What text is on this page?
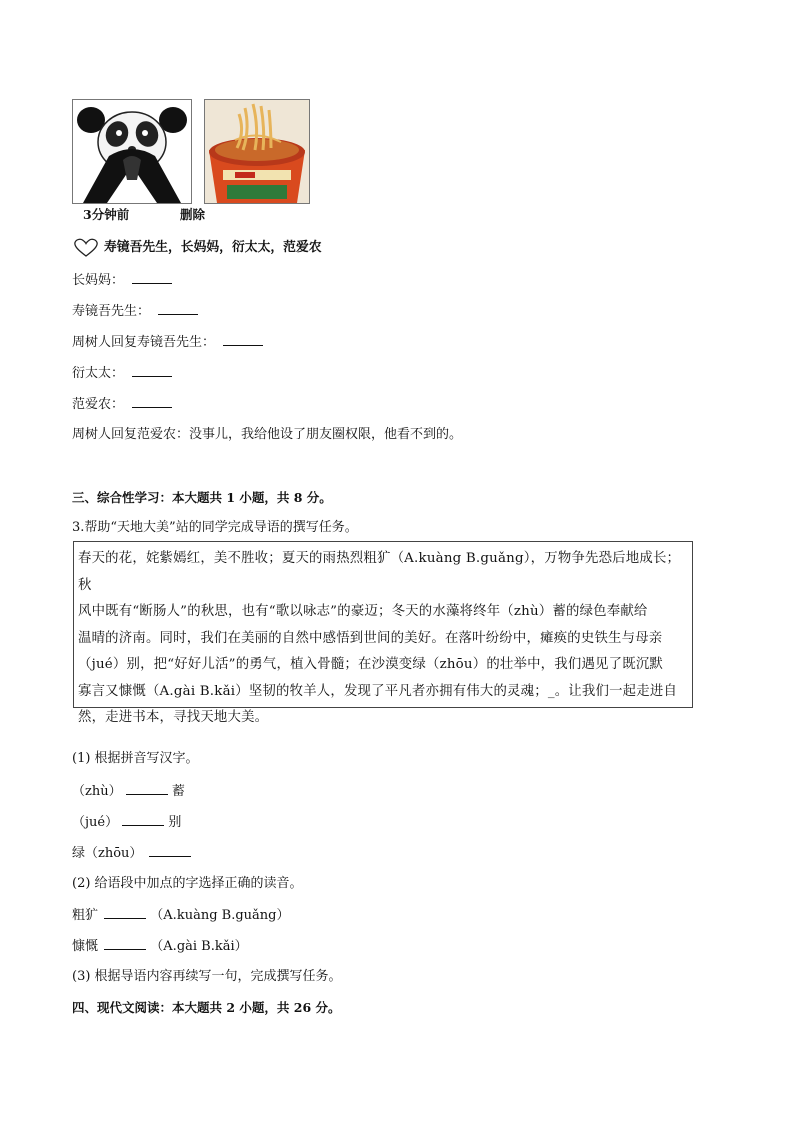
3分钟前	删除
寿镜吾先生，长妈妈，衍太太，范爱农
长妈妈：
寿镜吾先生：
周树人回复寿镜吾先生：
衍太太：
范爱农：
周树人回复范爱农：没事儿，我给他设了朋友圈权限，他看不到的。
三、综合性学习：本大题共 1 小题，共 8 分。
3.帮助“天地大美”站的同学完成导语的撰写任务。
春天的花，姹紫嫣红，美不胜收；夏天的雨热烈粗犷（A.kuàng B.guǎng），万物争先恐后地成长；秋
风中既有“断肠人”的秋思，也有“歌以咏志”的豪迈；冬天的水藻将终年（zhù）蓄的绿色奉献给
温晴的济南。同时，我们在美丽的自然中感悟到世间的美好。在落叶纷纷中，瘫痪的史铁生与母亲
（jué）别，把“好好儿活”的勇气，植入骨髓；在沙漠变绿（zhōu）的壮举中，我们遇见了既沉默
寡言又慷慨（A.gài B.kǎi）坚韧的牧羊人，发现了平凡者亦拥有伟大的灵魂；_。让我们一起走进自
然，走进书本，寻找天地大美。
(1) 根据拼音写汉字。
（zhù）	蓄
（jué）	别
绿（zhōu）
(2) 给语段中加点的字选择正确的读音。
粗犷	（A.kuàng B.guǎng）
慷慨	（A.gài B.kǎi）
(3) 根据导语内容再续写一句，完成撰写任务。
四、现代文阅读：本大题共 2 小题，共 26 分。
